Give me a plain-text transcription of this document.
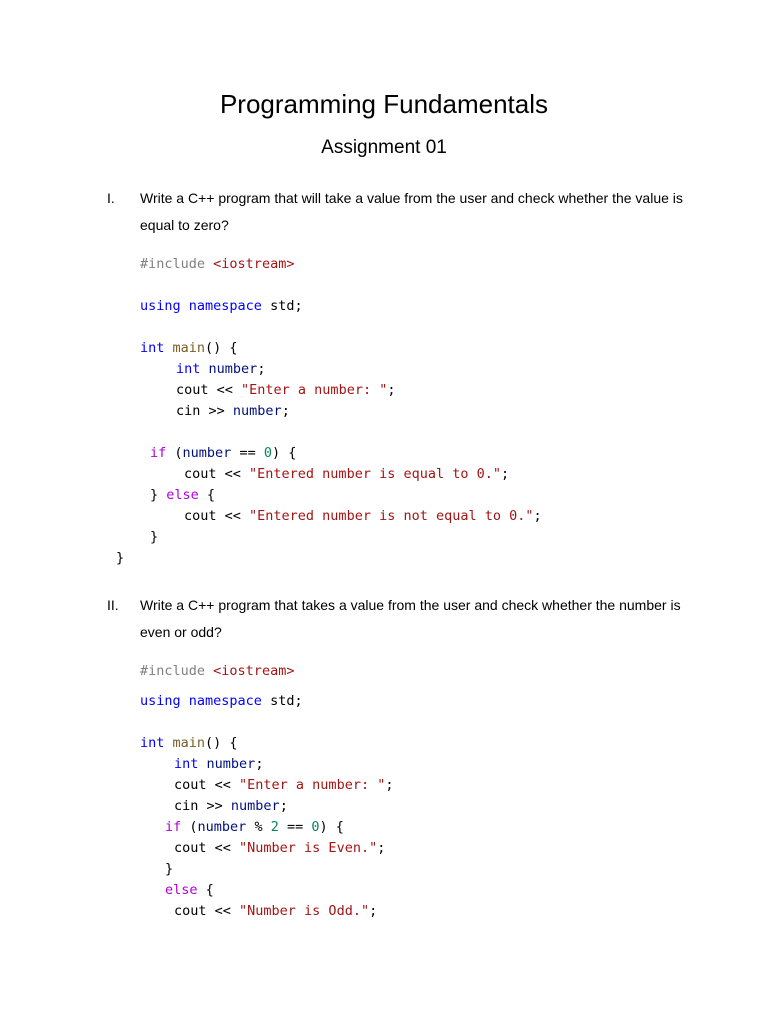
Programming Fundamentals
Assignment 01
I. Write a C++ program that will take a value from the user and check whether the value is equal to zero?
#include <iostream>
using namespace std;
int main() {
int number;
cout << "Enter a number: ";
cin >> number;
if (number == 0) {
cout << "Entered number is equal to 0.";
} else {
cout << "Entered number is not equal to 0.";
}
}
II. Write a C++ program that takes a value from the user and check whether the number is even or odd?
#include <iostream>
using namespace std;
int main() {
int number;
cout << "Enter a number: ";
cin >> number;
if (number % 2 == 0) {
cout << "Number is Even.";
}
else {
cout << "Number is Odd.";
